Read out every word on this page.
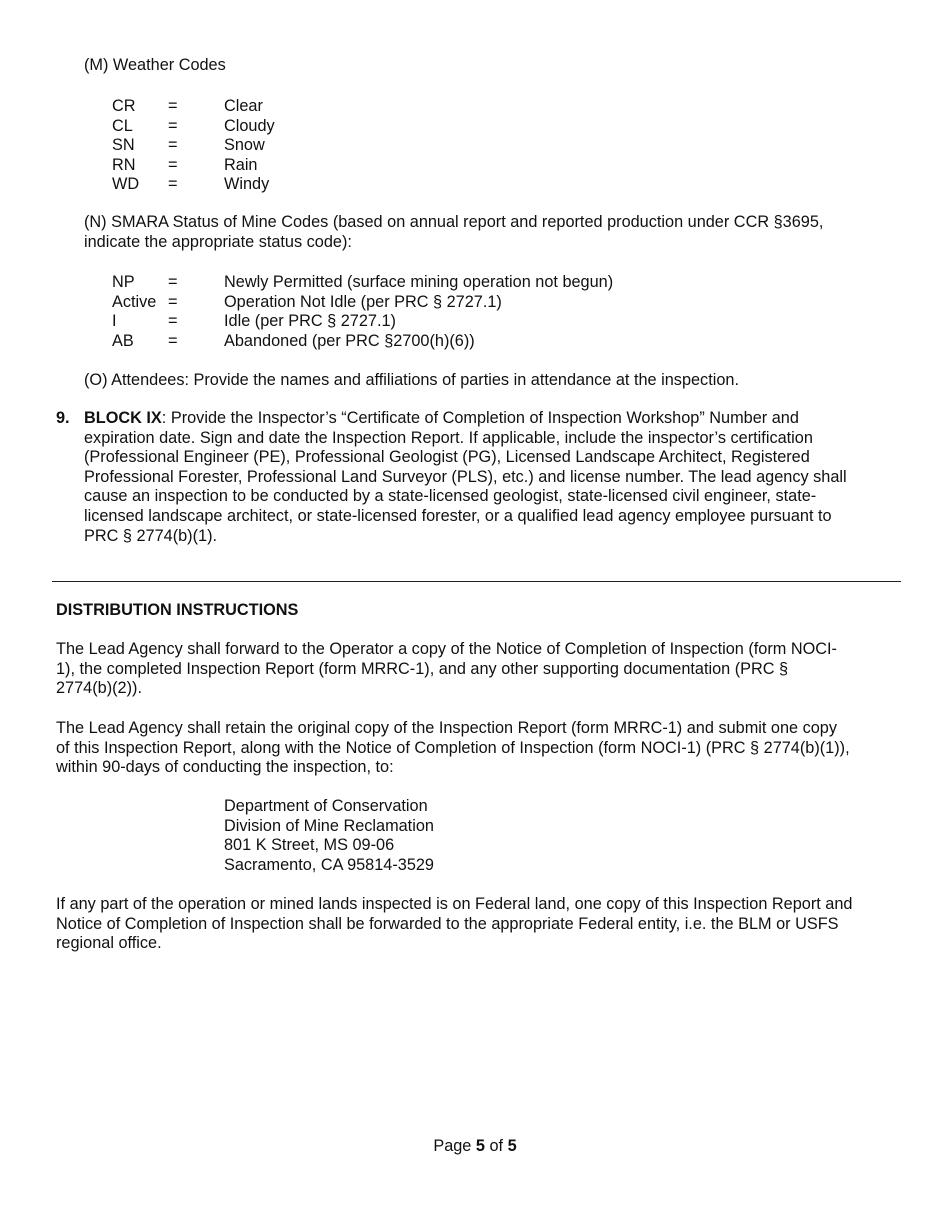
(M) Weather Codes
CR =	Clear
CL =	Cloudy
SN =	Snow
RN =	Rain
WD =	Windy
(N) SMARA Status of Mine Codes (based on annual report and reported production under CCR §3695,
indicate the appropriate status code):
NP =	Newly Permitted (surface mining operation not begun)
Active =	Operation Not Idle (per PRC § 2727.1)
I	=	Idle (per PRC § 2727.1)
AB =	Abandoned (per PRC §2700(h)(6))
(O) Attendees: Provide the names and affiliations of parties in attendance at the inspection.
9. BLOCK IX: Provide the Inspector’s “Certificate of Completion of Inspection Workshop” Number and
expiration date. Sign and date the Inspection Report. If applicable, include the inspector’s certification
(Professional Engineer (PE), Professional Geologist (PG), Licensed Landscape Architect, Registered
Professional Forester, Professional Land Surveyor (PLS), etc.) and license number. The lead agency shall
cause an inspection to be conducted by a state-licensed geologist, state-licensed civil engineer, state-
licensed landscape architect, or state-licensed forester, or a qualified lead agency employee pursuant to
PRC § 2774(b)(1).
DISTRIBUTION INSTRUCTIONS
The Lead Agency shall forward to the Operator a copy of the Notice of Completion of Inspection (form NOCI-
1), the completed Inspection Report (form MRRC-1), and any other supporting documentation (PRC §
2774(b)(2)).
The Lead Agency shall retain the original copy of the Inspection Report (form MRRC-1) and submit one copy
of this Inspection Report, along with the Notice of Completion of Inspection (form NOCI-1) (PRC § 2774(b)(1)),
within 90-days of conducting the inspection, to:
Department of Conservation
Division of Mine Reclamation
801 K Street, MS 09-06
Sacramento, CA 95814-3529
If any part of the operation or mined lands inspected is on Federal land, one copy of this Inspection Report and
Notice of Completion of Inspection shall be forwarded to the appropriate Federal entity, i.e. the BLM or USFS
regional office.
Page 5 of 5
